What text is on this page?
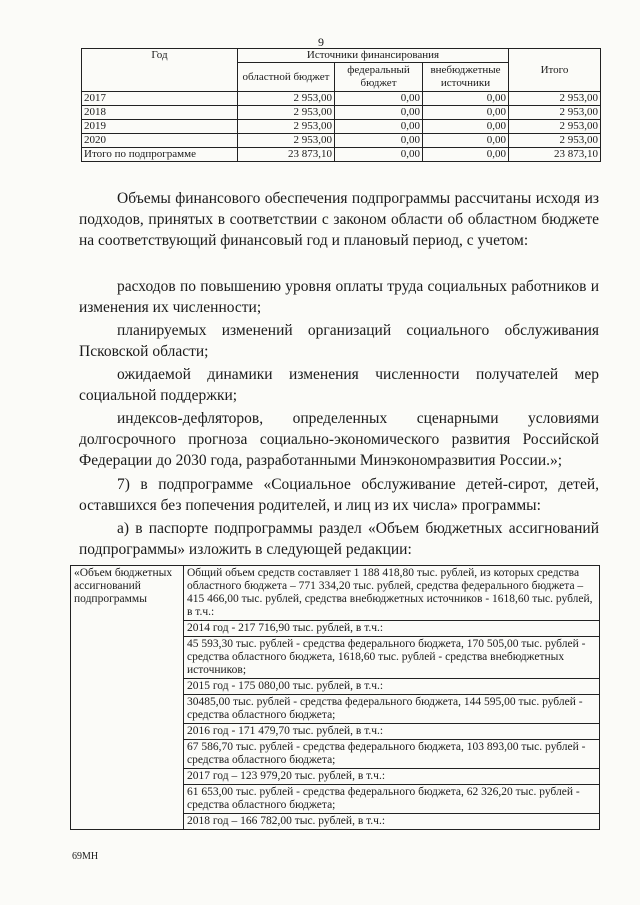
9
Год	Источники финансирования			Итого
	областной бюджет	федеральный бюджет	внебюджетные источники	
2017	2 953,00	0,00	0,00	2 953,00
2018	2 953,00	0,00	0,00	2 953,00
2019	2 953,00	0,00	0,00	2 953,00
2020	2 953,00	0,00	0,00	2 953,00
Итого по подпрограмме	23 873,10	0,00	0,00	23 873,10
Объемы финансового обеспечения подпрограммы рассчитаны исходя из подходов, принятых в соответствии с законом области об областном бюджете на соответствующий финансовый год и плановый период, с учетом:
расходов по повышению уровня оплаты труда социальных работников и изменения их численности;
планируемых изменений организаций социального обслуживания Псковской области;
ожидаемой динамики изменения численности получателей мер социальной поддержки;
индексов-дефляторов, определенных сценарными условиями долгосрочного прогноза социально-экономического развития Российской Федерации до 2030 года, разработанными Минэкономразвития России.»;
7) в подпрограмме «Социальное обслуживание детей-сирот, детей, оставшихся без попечения родителей, и лиц из их числа» программы:
а) в паспорте подпрограммы раздел «Объем бюджетных ассигнований подпрограммы» изложить в следующей редакции:
«Объем бюджетных ассигнований подпрограммы	Общий объем средств составляет 1 188 418,80 тыс. рублей, из которых средства областного бюджета – 771 334,20 тыс. рублей, средства федерального бюджета – 415 466,00 тыс. рублей, средства внебюджетных источников - 1618,60 тыс. рублей, в т.ч.:
2014 год - 217 716,90 тыс. рублей, в т.ч.:
45 593,30 тыс. рублей - средства федерального бюджета, 170 505,00 тыс. рублей - средства областного бюджета, 1618,60 тыс. рублей - средства внебюджетных источников;
2015 год - 175 080,00 тыс. рублей, в т.ч.:
30485,00 тыс. рублей - средства федерального бюджета, 144 595,00 тыс. рублей - средства областного бюджета;
2016 год - 171 479,70 тыс. рублей, в т.ч.:
67 586,70 тыс. рублей - средства федерального бюджета, 103 893,00 тыс. рублей - средства областного бюджета;
2017 год – 123 979,20 тыс. рублей, в т.ч.:
61 653,00 тыс. рублей - средства федерального бюджета, 62 326,20 тыс. рублей - средства областного бюджета;
2018 год – 166 782,00 тыс. рублей, в т.ч.:
69МН
